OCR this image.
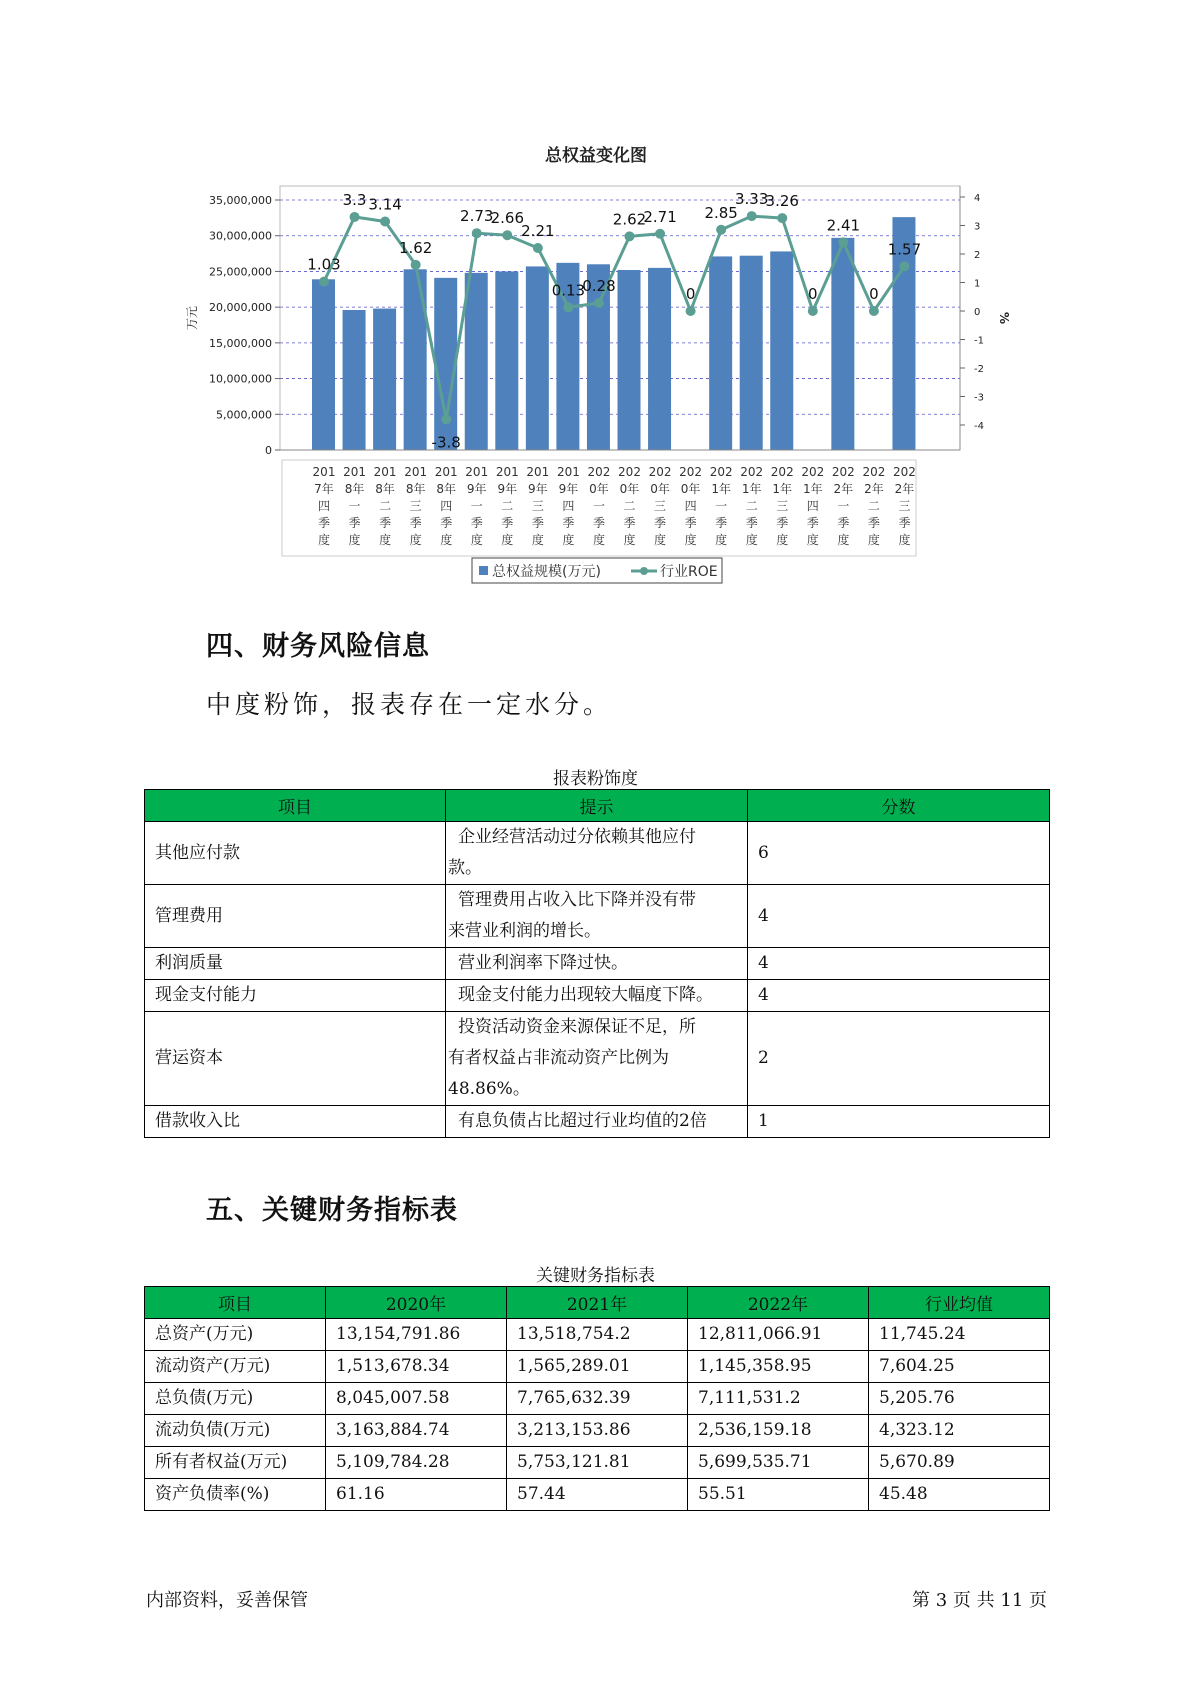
总权益变化图
0
5,000,000
10,000,000
15,000,000
20,000,000
25,000,000
30,000,000
35,000,000	4
3
2
1
0
-1
-2
-3
-4
万元	%
201
7年
四
季
度
201
8年
一
季
度
201
8年
二
季
度
201
8年
三
季
度
201
8年
四
季
度
201
9年
一
季
度
201
9年
二
季
度
201
9年
三
季
度
201
9年
四
季
度
202
0年
一
季
度
202
0年
二
季
度
202
0年
三
季
度
202
0年
四
季
度
202
1年
一
季
度
202
1年
二
季
度
202
1年
三
季
度
202
1年
四
季
度
202
2年
一
季
度
202
2年
二
季
度
202
2年
三
季
度
1.03
3.3 3.14
1.62
-3.8
2.73
2.66
2.21
0.13
0.28
2.62
2.71
0
2.85
3.33
3.26
0
2.41
0
1.57
总权益规模(万元)	行业ROE
四、财务风险信息
中度粉饰，报表存在一定水分。
报表粉饰度
项目	提示	分数
其他应付款	企业经营活动过分依赖其他应付
款。	6
管理费用	管理费用占收入比下降并没有带
来营业利润的增长。	4
利润质量	营业利润率下降过快。	4
现金支付能力	现金支付能力出现较大幅度下降。	4
营运资本	投资活动资金来源保证不足，所
有者权益占非流动资产比例为
48.86%。	2
借款收入比	有息负债占比超过行业均值的2倍	1
五、关键财务指标表
关键财务指标表
项目	2020年	2021年	2022年	行业均值
总资产(万元)	13,154,791.86	13,518,754.2	12,811,066.91	11,745.24
流动资产(万元)	1,513,678.34	1,565,289.01	1,145,358.95	7,604.25
总负债(万元)	8,045,007.58	7,765,632.39	7,111,531.2	5,205.76
流动负债(万元)	3,163,884.74	3,213,153.86	2,536,159.18	4,323.12
所有者权益(万元)	5,109,784.28	5,753,121.81	5,699,535.71	5,670.89
资产负债率(%)	61.16	57.44	55.51	45.48
内部资料，妥善保管	第 3 页 共 11 页
